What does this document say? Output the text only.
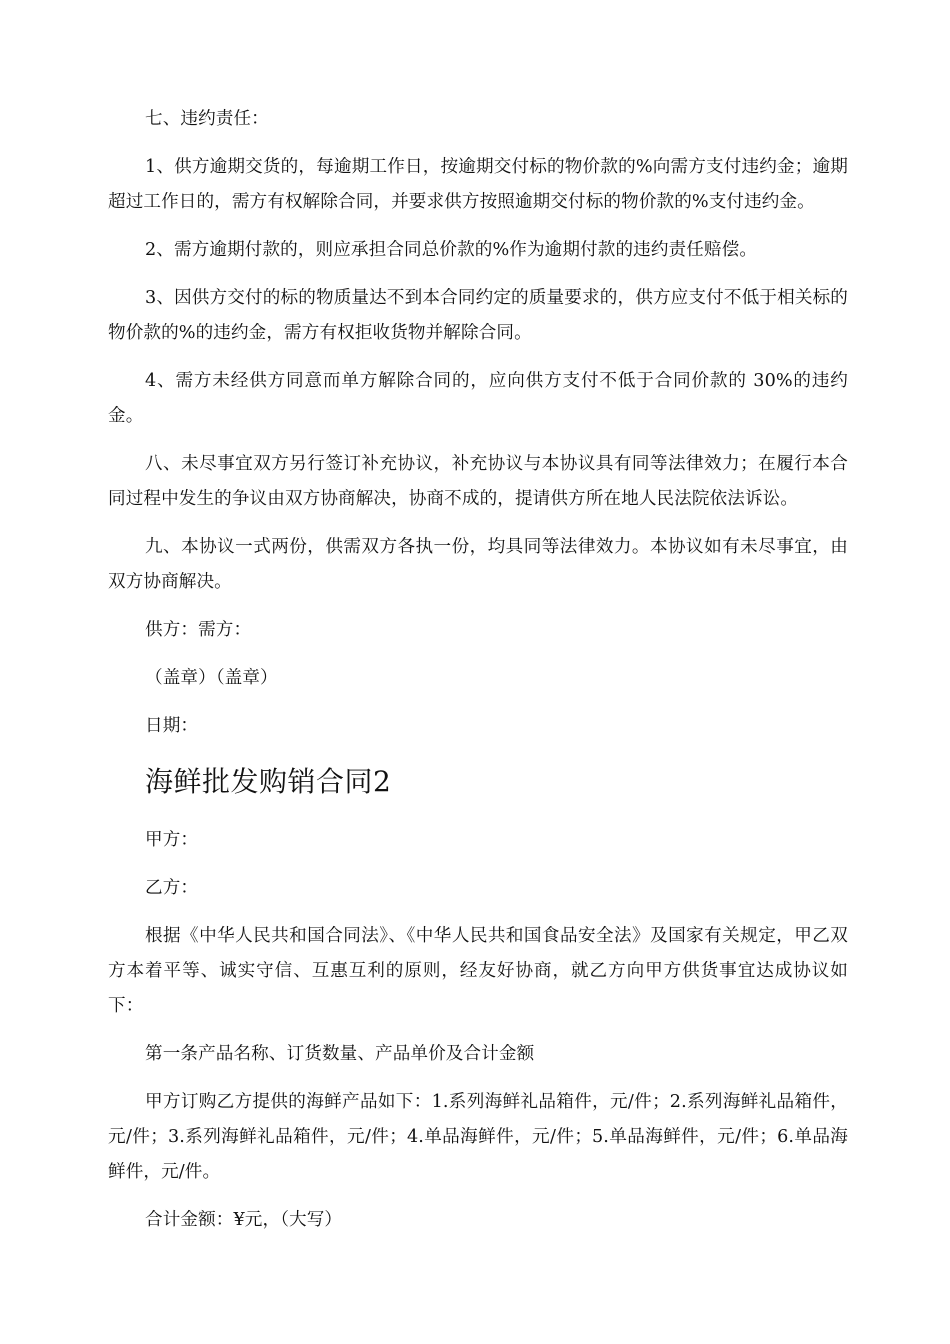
七、违约责任：

1、供方逾期交货的，每逾期工作日，按逾期交付标的物价款的%向需方支付违约金；逾期超过工作日的，需方有权解除合同，并要求供方按照逾期交付标的物价款的%支付违约金。

2、需方逾期付款的，则应承担合同总价款的%作为逾期付款的违约责任赔偿。

3、因供方交付的标的物质量达不到本合同约定的质量要求的，供方应支付不低于相关标的物价款的%的违约金，需方有权拒收货物并解除合同。

4、需方未经供方同意而单方解除合同的，应向供方支付不低于合同价款的 30%的违约金。

八、未尽事宜双方另行签订补充协议，补充协议与本协议具有同等法律效力；在履行本合同过程中发生的争议由双方协商解决，协商不成的，提请供方所在地人民法院依法诉讼。

九、本协议一式两份，供需双方各执一份，均具同等法律效力。本协议如有未尽事宜，由双方协商解决。

供方：需方：

（盖章）（盖章）

日期：

海鲜批发购销合同2

甲方：

乙方：

根据《中华人民共和国合同法》、《中华人民共和国食品安全法》及国家有关规定，甲乙双方本着平等、诚实守信、互惠互利的原则，经友好协商，就乙方向甲方供货事宜达成协议如下：

第一条产品名称、订货数量、产品单价及合计金额

甲方订购乙方提供的海鲜产品如下：1.系列海鲜礼品箱件，元/件；2.系列海鲜礼品箱件，元/件；3.系列海鲜礼品箱件，元/件；4.单品海鲜件，元/件；5.单品海鲜件，元/件；6.单品海鲜件，元/件。

合计金额：¥元，（大写）
